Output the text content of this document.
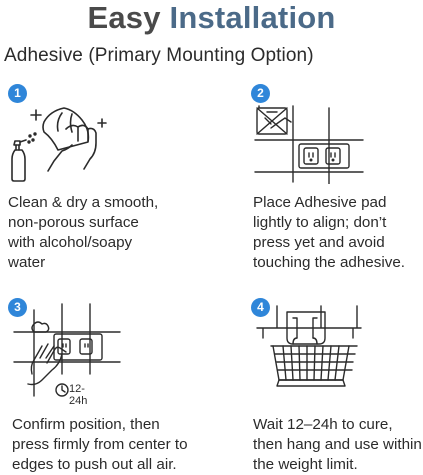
Easy Installation
Adhesive (Primary Mounting Option)
1
Clean & dry a smooth,
non-porous surface
with alcohol/soapy
water
2
Place Adhesive pad
lightly to align; don’t
press yet and avoid
touching the adhesive.
3
12-24h
Confirm position, then
press firmly from center to
edges to push out all air.
4
Wait 12–24h to cure,
then hang and use within
the weight limit.
